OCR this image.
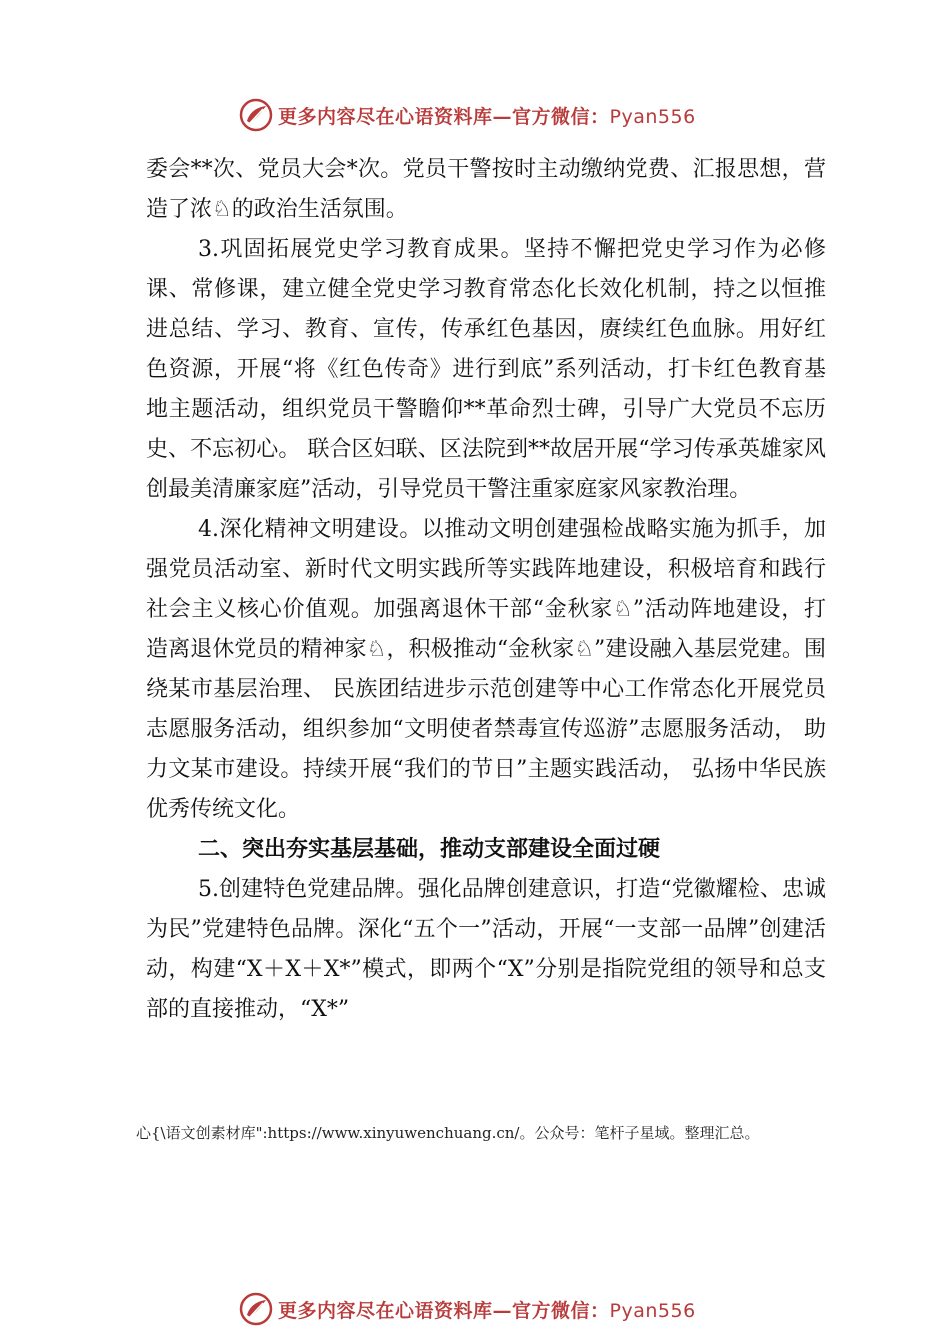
更多内容尽在心语资料库—官方微信：Pyan556

委会**次、党员大会*次。党员干警按时主动缴纳党费、汇报思想，营造了浓♘的政治生活氛围。

3.巩固拓展党史学习教育成果。坚持不懈把党史学习作为必修课、常修课，建立健全党史学习教育常态化长效化机制，持之以恒推进总结、学习、教育、宣传，传承红色基因，赓续红色血脉。用好红色资源，开展“将《红色传奇》进行到底”系列活动，打卡红色教育基地主题活动，组织党员干警瞻仰**革命烈士碑，引导广大党员不忘历史、不忘初心。 联合区妇联、区法院到**故居开展“学习传承英雄家风创最美清廉家庭”活动，引导党员干警注重家庭家风家教治理。

4.深化精神文明建设。以推动文明创建强检战略实施为抓手，加强党员活动室、新时代文明实践所等实践阵地建设，积极培育和践行社会主义核心价值观。加强离退休干部“金秋家♘”活动阵地建设，打造离退休党员的精神家♘，积极推动“金秋家♘”建设融入基层党建。围绕某市基层治理、 民族团结进步示范创建等中心工作常态化开展党员志愿服务活动，组织参加“文明使者禁毒宣传巡游”志愿服务活动， 助力文某市建设。持续开展“我们的节日”主题实践活动， 弘扬中华民族优秀传统文化。

二、突出夯实基层基础，推动支部建设全面过硬

5.创建特色党建品牌。强化品牌创建意识，打造“党徽耀检、忠诚为民”党建特色品牌。深化“五个一”活动，开展“一支部一品牌”创建活动，构建“X＋X＋X*”模式，即两个“X”分别是指院党组的领导和总支部的直接推动，“X*”

心{\语文创素材库":https://www.xinyuwenchuang.cn/。公众号：笔杆子星域。整理汇总。
更多内容尽在心语资料库—官方微信：Pyan556
